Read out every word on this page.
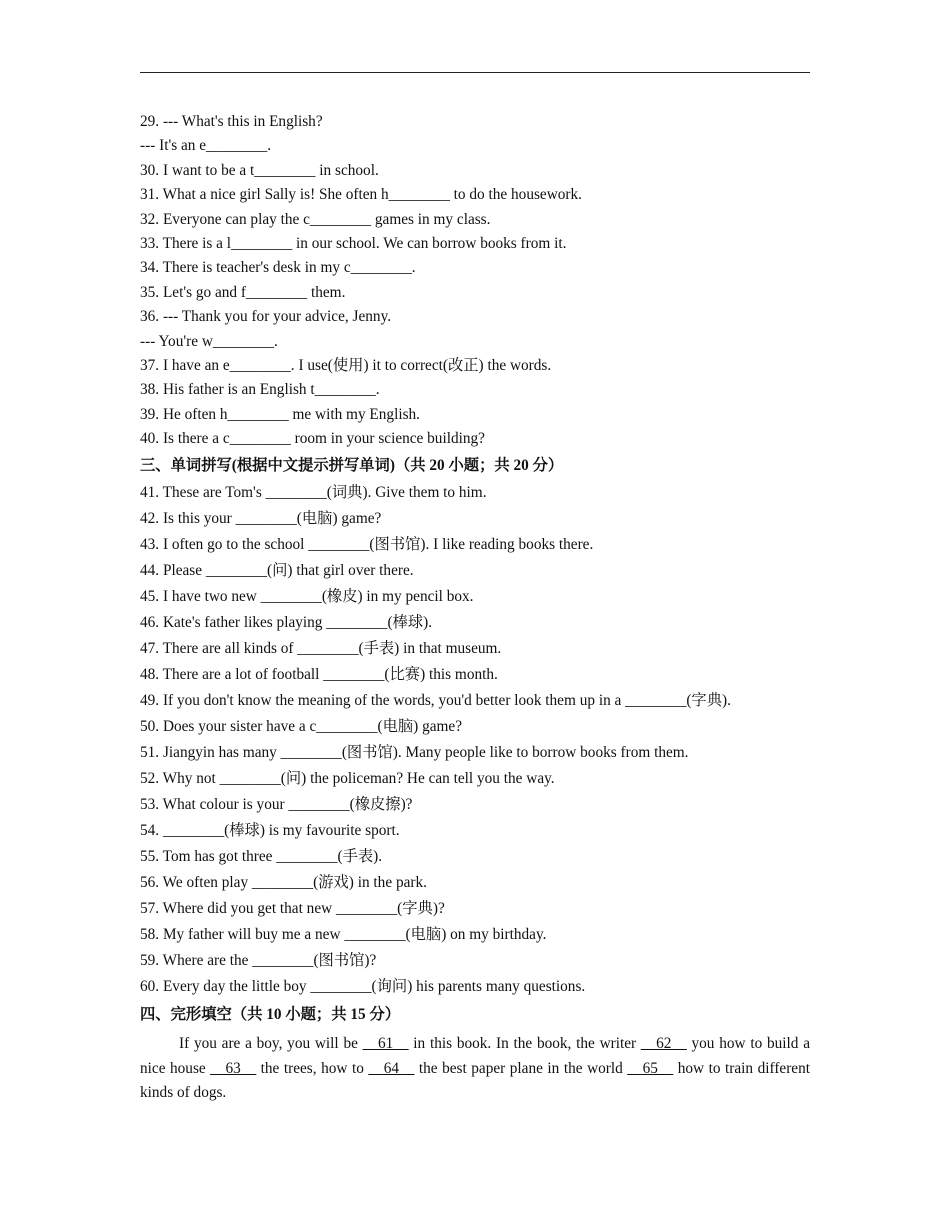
29. --- What's this in English?
--- It's an e________.
30. I want to be a t________ in school.
31. What a nice girl Sally is! She often h________ to do the housework.
32. Everyone can play the c________ games in my class.
33. There is a l________ in our school. We can borrow books from it.
34. There is teacher's desk in my c________.
35. Let's go and f________ them.
36. --- Thank you for your advice, Jenny.
--- You're w________.
37. I have an e________. I use(使用) it to correct(改正) the words.
38. His father is an English t________.
39. He often h________ me with my English.
40. Is there a c________ room in your science building?
三、单词拼写(根据中文提示拼写单词)（共 20 小题；共 20 分）
41. These are Tom's ________(词典). Give them to him.
42. Is this your ________(电脑) game?
43. I often go to the school ________(图书馆). I like reading books there.
44. Please ________(问) that girl over there.
45. I have two new ________(橡皮) in my pencil box.
46. Kate's father likes playing ________(棒球).
47. There are all kinds of ________(手表) in that museum.
48. There are a lot of football ________(比赛) this month.
49. If you don't know the meaning of the words, you'd better look them up in a ________(字典).
50. Does your sister have a c________(电脑) game?
51. Jiangyin has many ________(图书馆). Many people like to borrow books from them.
52. Why not ________(问) the policeman? He can tell you the way.
53. What colour is your ________(橡皮擦)?
54. ________(棒球) is my favourite sport.
55. Tom has got three ________(手表).
56. We often play ________(游戏) in the park.
57. Where did you get that new ________(字典)?
58. My father will buy me a new ________(电脑) on my birthday.
59. Where are the ________(图书馆)?
60. Every day the little boy ________(询问) his parents many questions.
四、完形填空（共 10 小题；共 15 分）
If you are a boy, you will be __61__ in this book. In the book, the writer __62__ you how to build a nice house __63__ the trees, how to __64__ the best paper plane in the world __65__ how to train different kinds of dogs.
